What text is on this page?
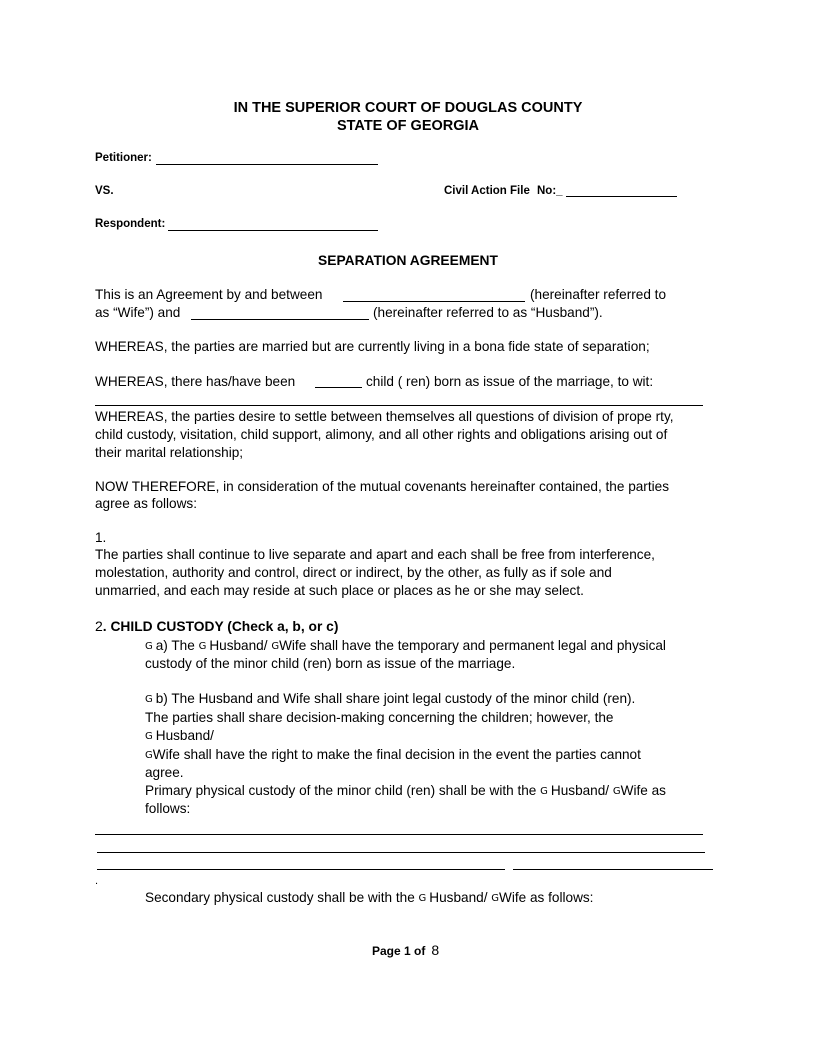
IN THE SUPERIOR COURT OF DOUGLAS COUNTY
STATE OF GEORGIA
Petitioner:
VS.	Civil Action File No:_
Respondent:
SEPARATION AGREEMENT
This is an Agreement by and between	(hereinafter referred to
as “Wife”) and	(hereinafter referred to as “Husband”).
WHEREAS, the parties are married but are currently living in a bona fide state of separation;
WHEREAS, there has/have been	child ( ren) born as issue of the marriage, to wit:
WHEREAS, the parties desire to settle between themselves all questions of division of prope rty,
child custody, visitation, child support, alimony, and all other rights and obligations arising out of
their marital relationship;
NOW THEREFORE, in consideration of the mutual covenants hereinafter contained, the parties
agree as follows:
1.
The parties shall continue to live separate and apart and each shall be free from interference,
molestation, authority and control, direct or indirect, by the other, as fully as if sole and
unmarried, and each may reside at such place or places as he or she may select.
2. CHILD CUSTODY (Check a, b, or c)
G a) The G Husband/ GWife shall have the temporary and permanent legal and physical
custody of the minor child (ren) born as issue of the marriage.
G b) The Husband and Wife shall share joint legal custody of the minor child (ren).
The parties shall share decision-making concerning the children; however, the
G Husband/
GWife shall have the right to make the final decision in the event the parties cannot
agree.
Primary physical custody of the minor child (ren) shall be with the G Husband/ GWife as
follows:
.
Secondary physical custody shall be with the G Husband/ GWife as follows:
Page 1 of 8
